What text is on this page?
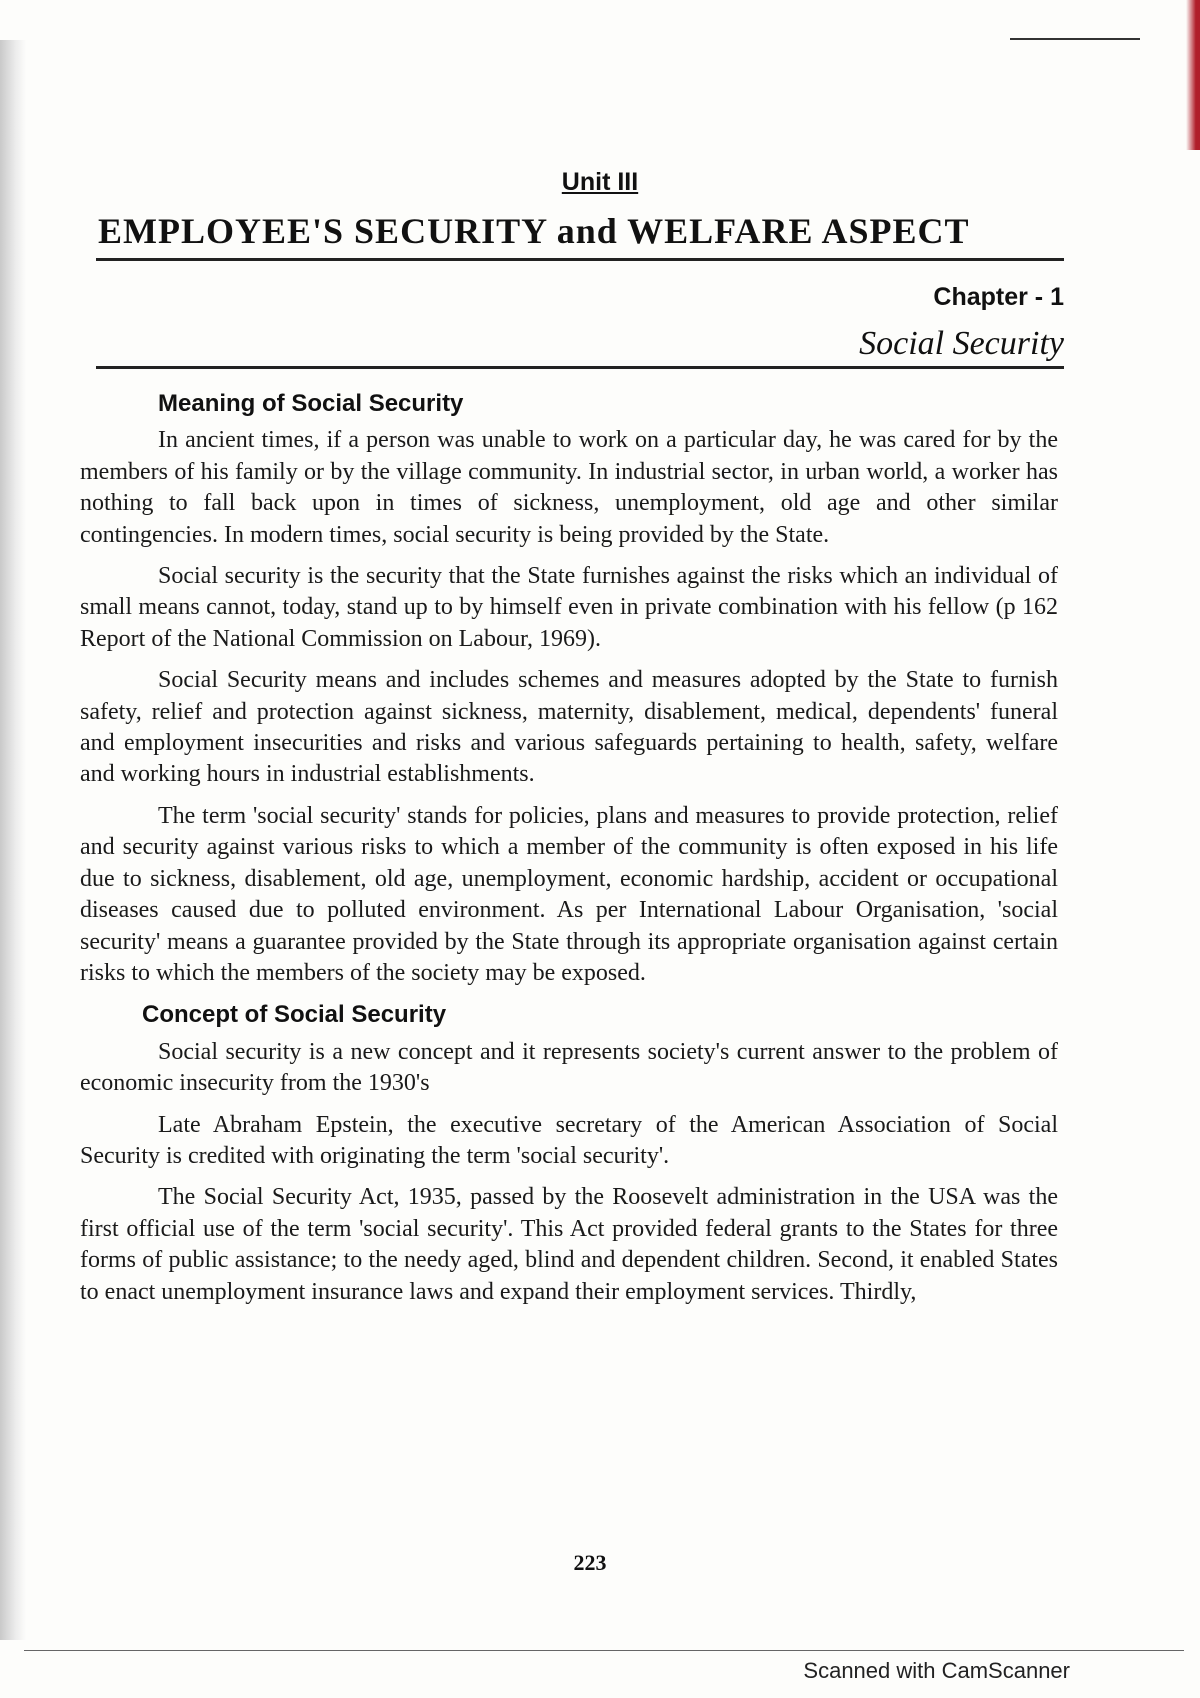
Unit III
EMPLOYEE'S SECURITY and WELFARE ASPECT
Chapter - 1
Social Security
Meaning of Social Security

In ancient times, if a person was unable to work on a particular day, he was cared for by the members of his family or by the village community. In industrial sector, in urban world, a worker has nothing to fall back upon in times of sickness, unemployment, old age and other similar contingencies. In modern times, social security is being provided by the State.

Social security is the security that the State furnishes against the risks which an individual of small means cannot, today, stand up to by himself even in private combination with his fellow (p 162 Report of the National Commission on Labour, 1969).

Social Security means and includes schemes and measures adopted by the State to furnish safety, relief and protection against sickness, maternity, disablement, medical, dependents' funeral and employment insecurities and risks and various safeguards pertaining to health, safety, welfare and working hours in industrial establishments.

The term 'social security' stands for policies, plans and measures to provide protection, relief and security against various risks to which a member of the community is often exposed in his life due to sickness, disablement, old age, unemployment, economic hardship, accident or occupational diseases caused due to polluted environment. As per International Labour Organisation, 'social security' means a guarantee provided by the State through its appropriate organisation against certain risks to which the members of the society may be exposed.

Concept of Social Security

Social security is a new concept and it represents society's current answer to the problem of economic insecurity from the 1930's

Late Abraham Epstein, the executive secretary of the American Association of Social Security is credited with originating the term 'social security'.

The Social Security Act, 1935, passed by the Roosevelt administration in the USA was the first official use of the term 'social security'. This Act provided federal grants to the States for three forms of public assistance; to the needy aged, blind and dependent children. Second, it enabled States to enact unemployment insurance laws and expand their employment services. Thirdly,

223
Scanned with CamScanner
